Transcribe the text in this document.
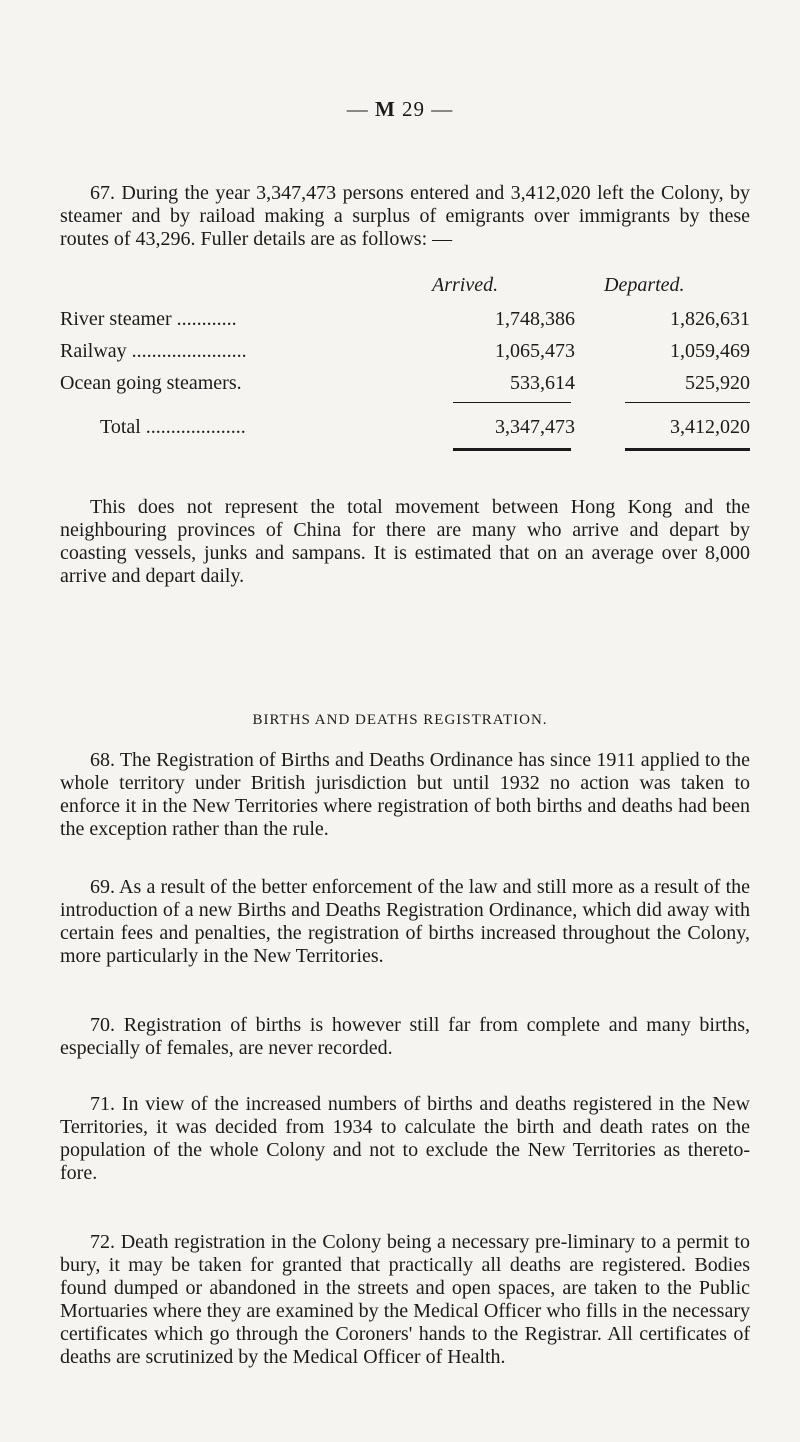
— M 29 —

67. During the year 3,347,473 persons entered and 3,412,020 left the Colony, by steamer and by raiload making a surplus of emigrants over immigrants by these routes of 43,296. Fuller details are as follows: —

Arrived.	Departed.
River steamer ............	1,748,386	1,826,631
Railway .......................	1,065,473	1,059,469
Ocean going steamers.	533,614	525,920
Total ....................	3,347,473	3,412,020

This does not represent the total movement between Hong Kong and the neighbouring provinces of China for there are many who arrive and depart by coasting vessels, junks and sampans. It is estimated that on an average over 8,000 arrive and depart daily.

BIRTHS AND DEATHS REGISTRATION.

68. The Registration of Births and Deaths Ordinance has since 1911 applied to the whole territory under British jurisdiction but until 1932 no action was taken to enforce it in the New Territories where registration of both births and deaths had been the exception rather than the rule.

69. As a result of the better enforcement of the law and still more as a result of the introduction of a new Births and Deaths Registration Ordinance, which did away with certain fees and penalties, the registration of births increased throughout the Colony, more particularly in the New Territories.

70. Registration of births is however still far from complete and many births, especially of females, are never recorded.

71. In view of the increased numbers of births and deaths registered in the New Territories, it was decided from 1934 to calculate the birth and death rates on the population of the whole Colony and not to exclude the New Territories as thereto-fore.

72. Death registration in the Colony being a necessary pre-liminary to a permit to bury, it may be taken for granted that practically all deaths are registered. Bodies found dumped or abandoned in the streets and open spaces, are taken to the Public Mortuaries where they are examined by the Medical Officer who fills in the necessary certificates which go through the Coroners' hands to the Registrar. All certificates of deaths are scrutinized by the Medical Officer of Health.
